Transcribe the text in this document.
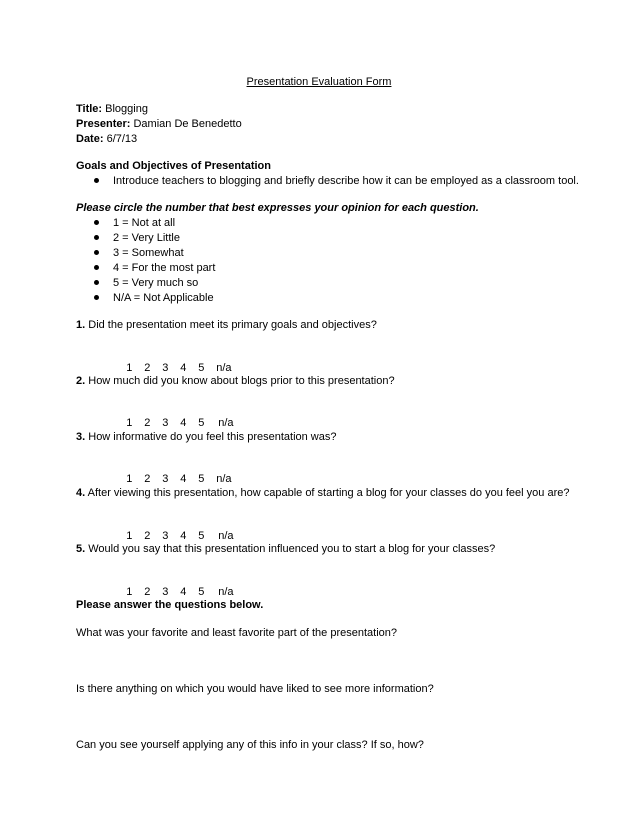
Presentation Evaluation Form
Title: Blogging
Presenter: Damian De Benedetto
Date: 6/7/13
Goals and Objectives of Presentation
Introduce teachers to blogging and briefly describe how it can be employed as a classroom tool.
Please circle the number that best expresses your opinion for each question.
1 = Not at all
2 = Very Little
3 = Somewhat
4 = For the most part
5 = Very much so
N/A = Not Applicable
1. Did the presentation meet its primary goals and objectives?

1 2 3 4 5 n/a

2. How much did you know about blogs prior to this presentation?

1 2 3 4 5 n/a

3. How informative do you feel this presentation was?

1 2 3 4 5 n/a

4. After viewing this presentation, how capable of starting a blog for your classes do you feel you are?

1 2 3 4 5 n/a

5. Would you say that this presentation influenced you to start a blog for your classes?

1 2 3 4 5 n/a

Please answer the questions below.
What was your favorite and least favorite part of the presentation?
Is there anything on which you would have liked to see more information?
Can you see yourself applying any of this info in your class? If so, how?
